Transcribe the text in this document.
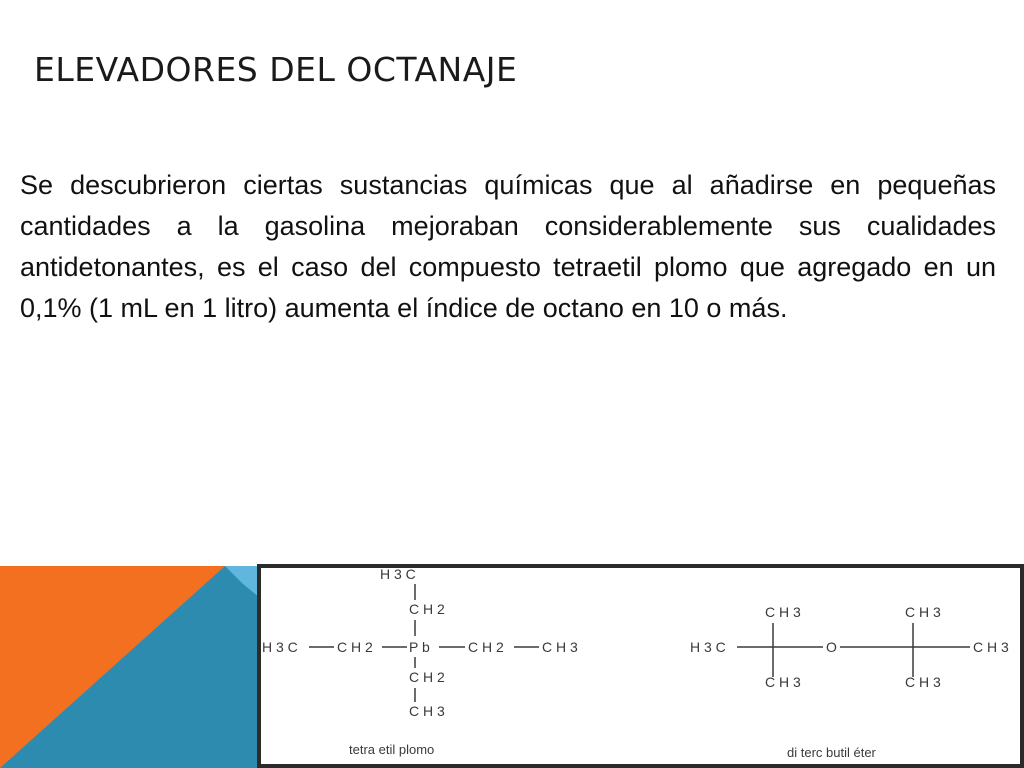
ELEVADORES DEL OCTANAJE

Se descubrieron ciertas sustancias químicas que al añadirse en pequeñas cantidades a la gasolina mejoraban considerablemente sus cualidades antidetonantes, es el caso del compuesto tetraetil plomo que agregado en un 0,1% (1 mL en 1 litro) aumenta el índice de octano en 10 o más.

H 3 C
C H 2
H 3 C	C H 2	P b	C H 2	C H 3
C H 2
C H 3
tetra etil plomo
H 3 C
C H 3
C H 3
O
C H 3
C H 3
C H 3
di terc butil éter
